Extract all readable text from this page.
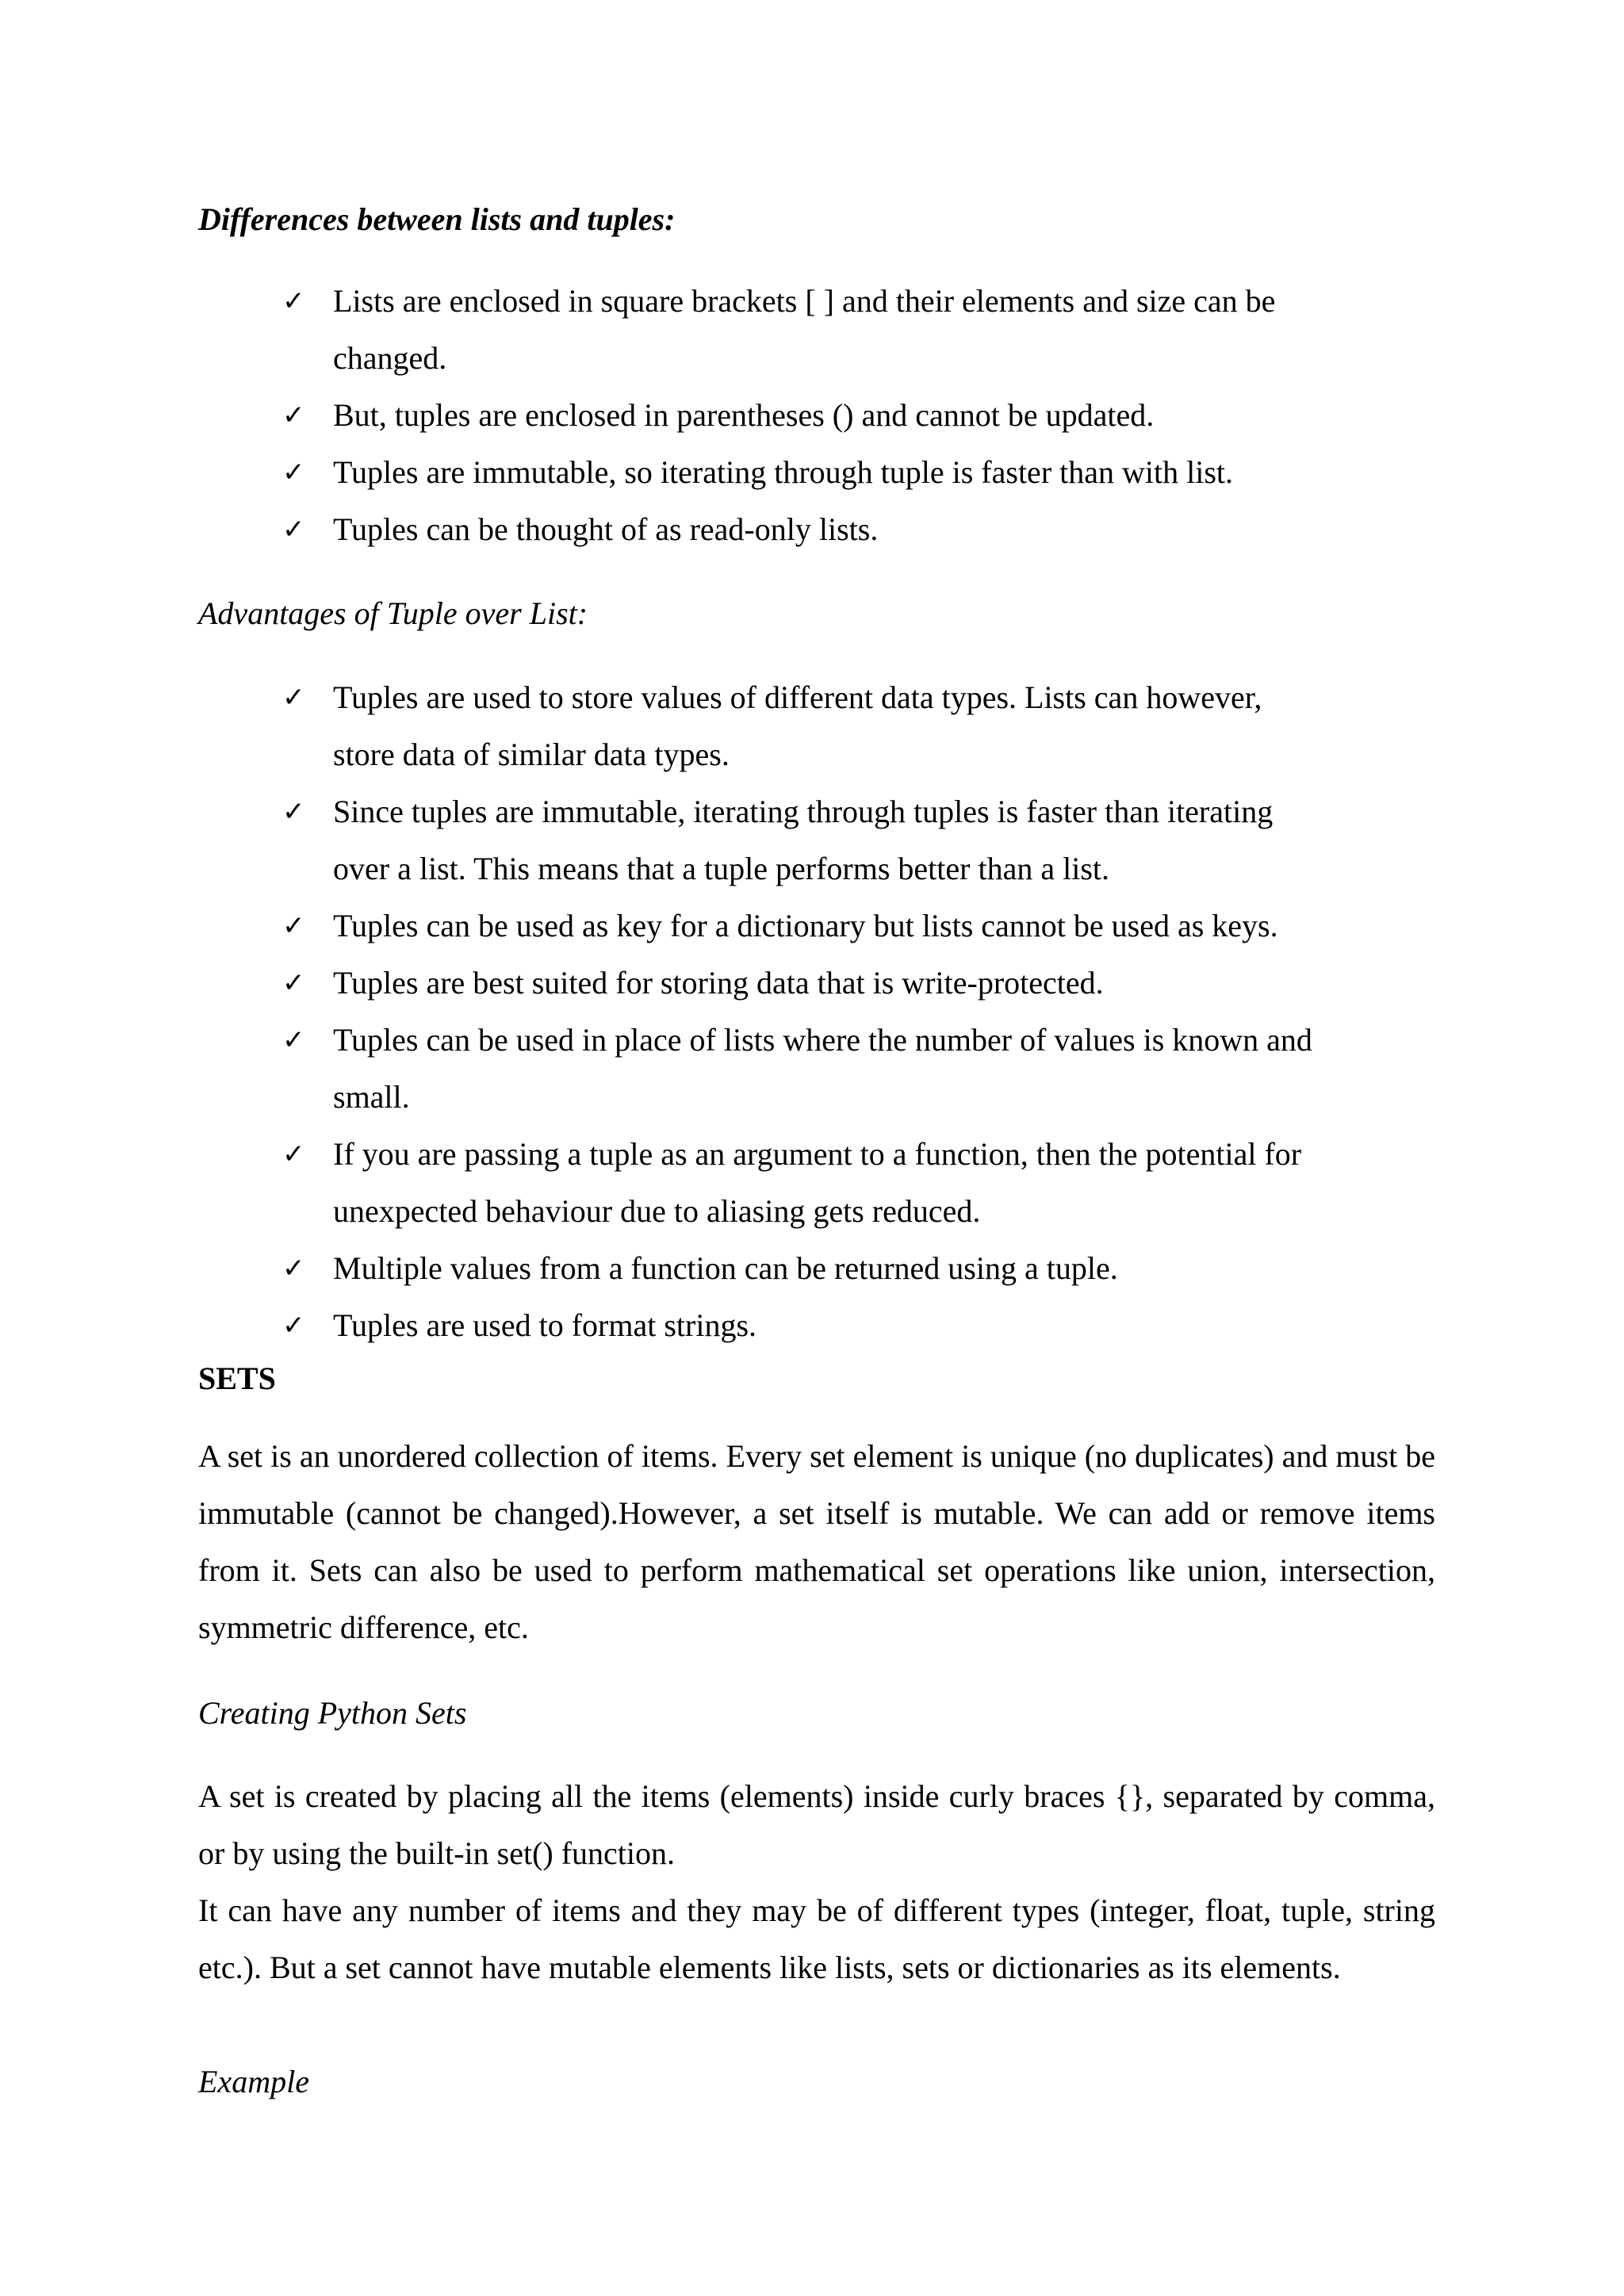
Differences between lists and tuples:
✓ Lists are enclosed in square brackets [ ] and their elements and size can be changed.
✓ But, tuples are enclosed in parentheses () and cannot be updated.
✓ Tuples are immutable, so iterating through tuple is faster than with list.
✓ Tuples can be thought of as read-only lists.
Advantages of Tuple over List:
✓ Tuples are used to store values of different data types. Lists can however, store data of similar data types.
✓ Since tuples are immutable, iterating through tuples is faster than iterating over a list. This means that a tuple performs better than a list.
✓ Tuples can be used as key for a dictionary but lists cannot be used as keys.
✓ Tuples are best suited for storing data that is write-protected.
✓ Tuples can be used in place of lists where the number of values is known and small.
✓ If you are passing a tuple as an argument to a function, then the potential for unexpected behaviour due to aliasing gets reduced.
✓ Multiple values from a function can be returned using a tuple.
✓ Tuples are used to format strings.
SETS

A set is an unordered collection of items. Every set element is unique (no duplicates) and must be immutable (cannot be changed).However, a set itself is mutable. We can add or remove items from it. Sets can also be used to perform mathematical set operations like union, intersection, symmetric difference, etc.

Creating Python Sets

A set is created by placing all the items (elements) inside curly braces {}, separated by comma, or by using the built-in set() function.

It can have any number of items and they may be of different types (integer, float, tuple, string etc.). But a set cannot have mutable elements like lists, sets or dictionaries as its elements.

Example
